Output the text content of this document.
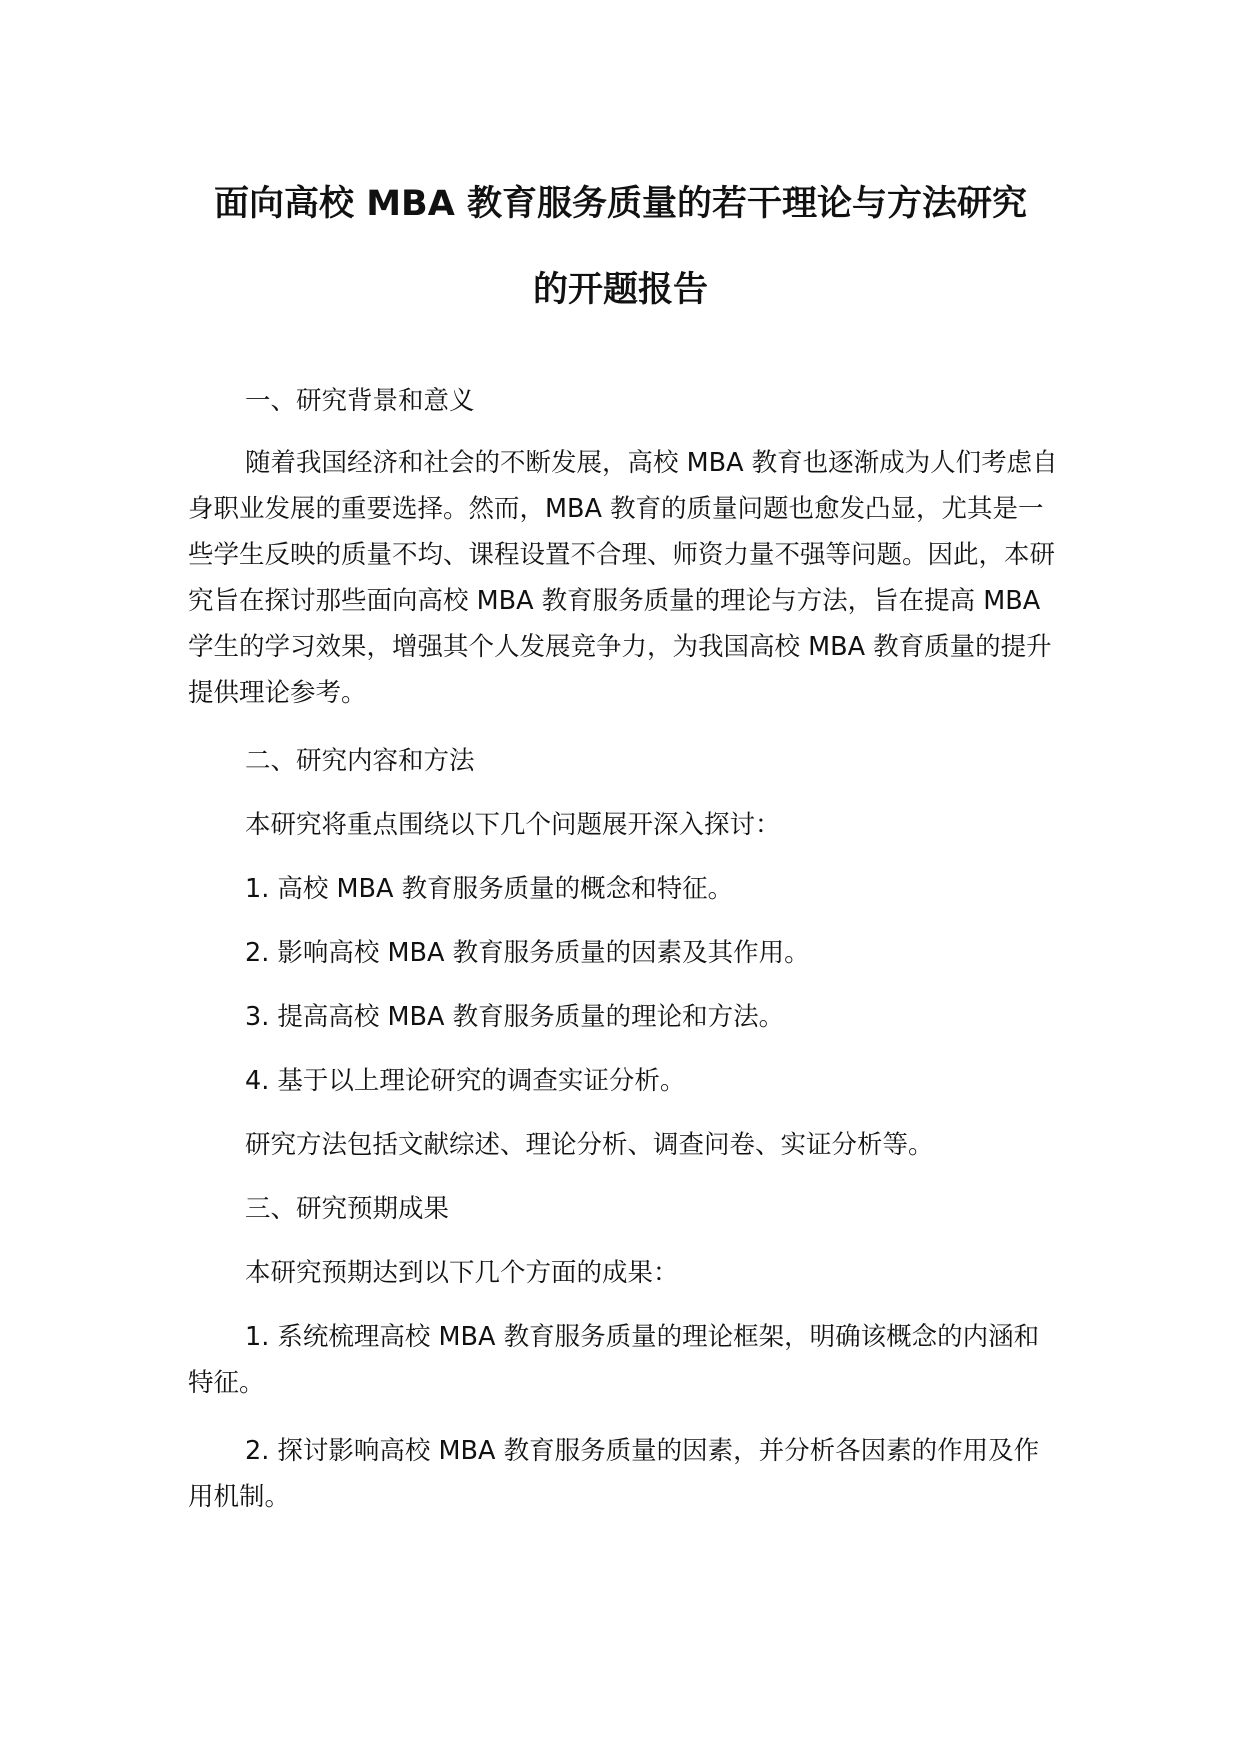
面向高校 MBA 教育服务质量的若干理论与方法研究
的开题报告

一、研究背景和意义

随着我国经济和社会的不断发展，高校 MBA 教育也逐渐成为人们考虑自身职业发展的重要选择。然而，MBA 教育的质量问题也愈发凸显，尤其是一些学生反映的质量不均、课程设置不合理、师资力量不强等问题。因此，本研究旨在探讨那些面向高校 MBA 教育服务质量的理论与方法，旨在提高 MBA 学生的学习效果，增强其个人发展竞争力，为我国高校 MBA 教育质量的提升提供理论参考。

二、研究内容和方法

本研究将重点围绕以下几个问题展开深入探讨：

1. 高校 MBA 教育服务质量的概念和特征。

2. 影响高校 MBA 教育服务质量的因素及其作用。

3. 提高高校 MBA 教育服务质量的理论和方法。

4. 基于以上理论研究的调查实证分析。

研究方法包括文献综述、理论分析、调查问卷、实证分析等。

三、研究预期成果

本研究预期达到以下几个方面的成果：

1. 系统梳理高校 MBA 教育服务质量的理论框架，明确该概念的内涵和特征。

2. 探讨影响高校 MBA 教育服务质量的因素，并分析各因素的作用及作用机制。
